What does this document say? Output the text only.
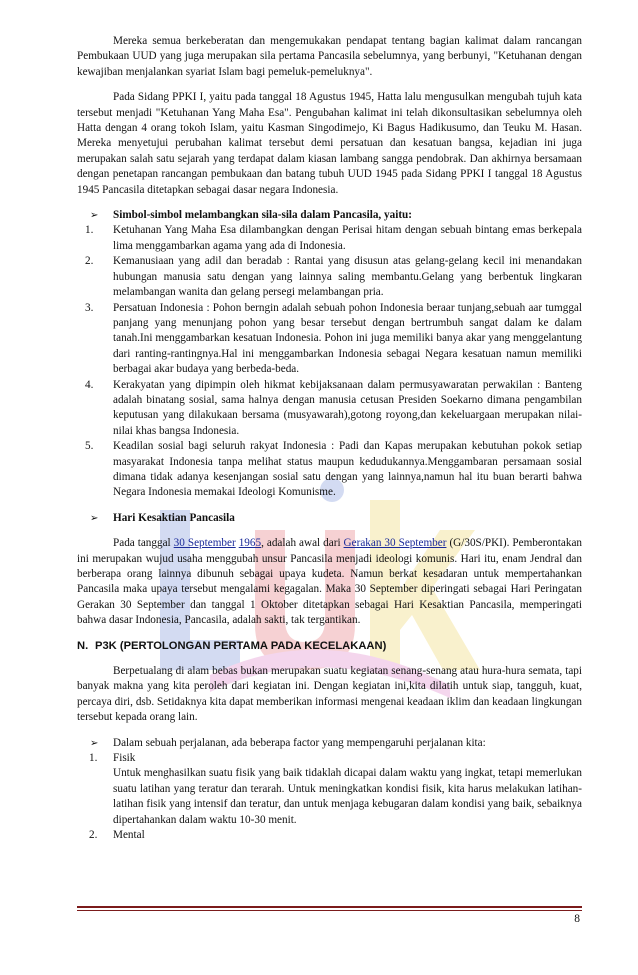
Mereka semua berkeberatan dan mengemukakan pendapat tentang bagian kalimat dalam rancangan Pembukaan UUD yang juga merupakan sila pertama Pancasila sebelumnya, yang berbunyi, "Ketuhanan dengan kewajiban menjalankan syariat Islam bagi pemeluk-pemeluknya".

Pada Sidang PPKI I, yaitu pada tanggal 18 Agustus 1945, Hatta lalu mengusulkan mengubah tujuh kata tersebut menjadi "Ketuhanan Yang Maha Esa". Pengubahan kalimat ini telah dikonsultasikan sebelumnya oleh Hatta dengan 4 orang tokoh Islam, yaitu Kasman Singodimejo, Ki Bagus Hadikusumo, dan Teuku M. Hasan. Mereka menyetujui perubahan kalimat tersebut demi persatuan dan kesatuan bangsa, kejadian ini juga merupakan salah satu sejarah yang terdapat dalam kiasan lambang sangga pendobrak. Dan akhirnya bersamaan dengan penetapan rancangan pembukaan dan batang tubuh UUD 1945 pada Sidang PPKI I tanggal 18 Agustus 1945 Pancasila ditetapkan sebagai dasar negara Indonesia.

➢ Simbol-simbol melambangkan sila-sila dalam Pancasila, yaitu:
1. Ketuhanan Yang Maha Esa dilambangkan dengan Perisai hitam dengan sebuah bintang emas berkepala lima menggambarkan agama yang ada di Indonesia.
2. Kemanusiaan yang adil dan beradab : Rantai yang disusun atas gelang-gelang kecil ini menandakan hubungan manusia satu dengan yang lainnya saling membantu.Gelang yang berbentuk lingkaran melambangan wanita dan gelang persegi melambangan pria.
3. Persatuan Indonesia : Pohon berngin adalah sebuah pohon Indonesia beraar tunjang,sebuah aar tumggal panjang yang menunjang pohon yang besar tersebut dengan bertrumbuh sangat dalam ke dalam tanah.Ini menggambarkan kesatuan Indonesia. Pohon ini juga memiliki banya akar yang menggelantung dari ranting-rantingnya.Hal ini menggambarkan Indonesia sebagai Negara kesatuan namun memiliki berbagai akar budaya yang berbeda-beda.
4. Kerakyatan yang dipimpin oleh hikmat kebijaksanaan dalam permusyawaratan perwakilan : Banteng adalah binatang sosial, sama halnya dengan manusia cetusan Presiden Soekarno dimana pengambilan keputusan yang dilakukaan bersama (musyawarah),gotong royong,dan kekeluargaan merupakan nilai-nilai khas bangsa Indonesia.
5. Keadilan sosial bagi seluruh rakyat Indonesia : Padi dan Kapas merupakan kebutuhan pokok setiap masyarakat Indonesia tanpa melihat status maupun kedudukannya.Menggambaran persamaan sosial dimana tidak adanya kesenjangan sosial satu dengan yang lainnya,namun hal itu buan berarti bahwa Negara Indonesia memakai Ideologi Komunisme.
➢ Hari Kesaktian Pancasila

Pada tanggal 30 September 1965, adalah awal dari Gerakan 30 September (G/30S/PKI). Pemberontakan ini merupakan wujud usaha menggubah unsur Pancasila menjadi ideologi komunis. Hari itu, enam Jendral dan berberapa orang lainnya dibunuh sebagai upaya kudeta. Namun berkat kesadaran untuk mempertahankan Pancasila maka upaya tersebut mengalami kegagalan. Maka 30 September diperingati sebagai Hari Peringatan Gerakan 30 September dan tanggal 1 Oktober ditetapkan sebagai Hari Kesaktian Pancasila, memperingati bahwa dasar Indonesia, Pancasila, adalah sakti, tak tergantikan.

N. P3K (PERTOLONGAN PERTAMA PADA KECELAKAAN)

Berpetualang di alam bebas bukan merupakan suatu kegiatan senang-senang atau hura-hura semata, tapi banyak makna yang kita peroleh dari kegiatan ini. Dengan kegiatan ini,kita dilatih untuk siap, tangguh, kuat, percaya diri, dsb. Setidaknya kita dapat memberikan informasi mengenai keadaan iklim dan keadaan lingkungan tersebut kepada orang lain.

➢ Dalam sebuah perjalanan, ada beberapa factor yang mempengaruhi perjalanan kita:
1. Fisik
Untuk menghasilkan suatu fisik yang baik tidaklah dicapai dalam waktu yang ingkat, tetapi memerlukan suatu latihan yang teratur dan terarah. Untuk meningkatkan kondisi fisik, kita harus melakukan latihan-latihan fisik yang intensif dan teratur, dan untuk menjaga kebugaran dalam kondisi yang baik, sebaiknya dipertahankan dalam waktu 10-30 menit.
2. Mental
8
